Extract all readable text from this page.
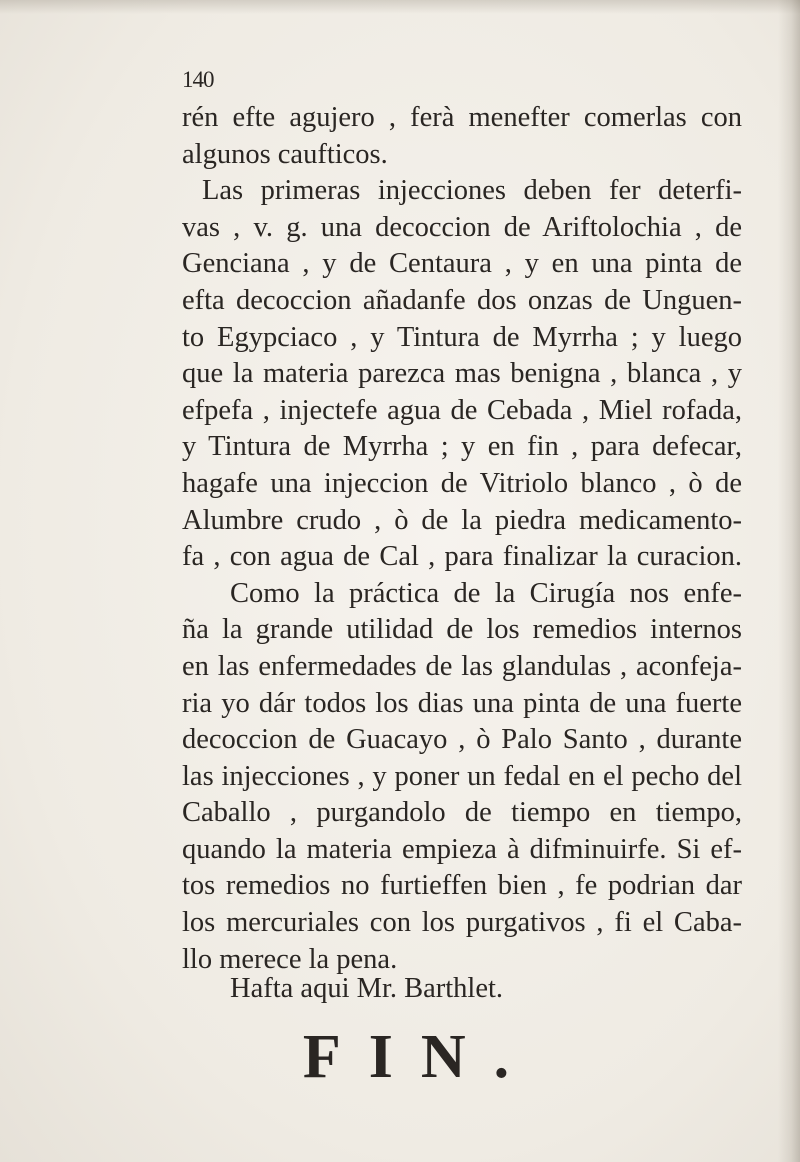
140
rén efte agujero , ferà menefter comerlas con
algunos caufticos.
Las primeras injecciones deben fer deterfi-
vas , v. g. una decoccion de Ariftolochia , de
Genciana , y de Centaura , y en una pinta de
efta decoccion añadanfe dos onzas de Unguen-
to Egypciaco , y Tintura de Myrrha ; y luego
que la materia parezca mas benigna , blanca , y
efpefa , injectefe agua de Cebada , Miel rofada,
y Tintura de Myrrha ; y en fin , para defecar,
hagafe una injeccion de Vitriolo blanco , ò de
Alumbre crudo , ò de la piedra medicamento-
fa , con agua de Cal , para finalizar la curacion.
Como la práctica de la Cirugía nos enfe-
ña la grande utilidad de los remedios internos
en las enfermedades de las glandulas , aconfeja-
ria yo dár todos los dias una pinta de una fuerte
decoccion de Guacayo , ò Palo Santo , durante
las injecciones , y poner un fedal en el pecho del
Caballo , purgandolo de tiempo en tiempo,
quando la materia empieza à difminuirfe. Si ef-
tos remedios no furtieffen bien , fe podrian dar
los mercuriales con los purgativos , fi el Caba-
llo merece la pena.
Hafta aqui Mr. Barthlet.
FIN.
